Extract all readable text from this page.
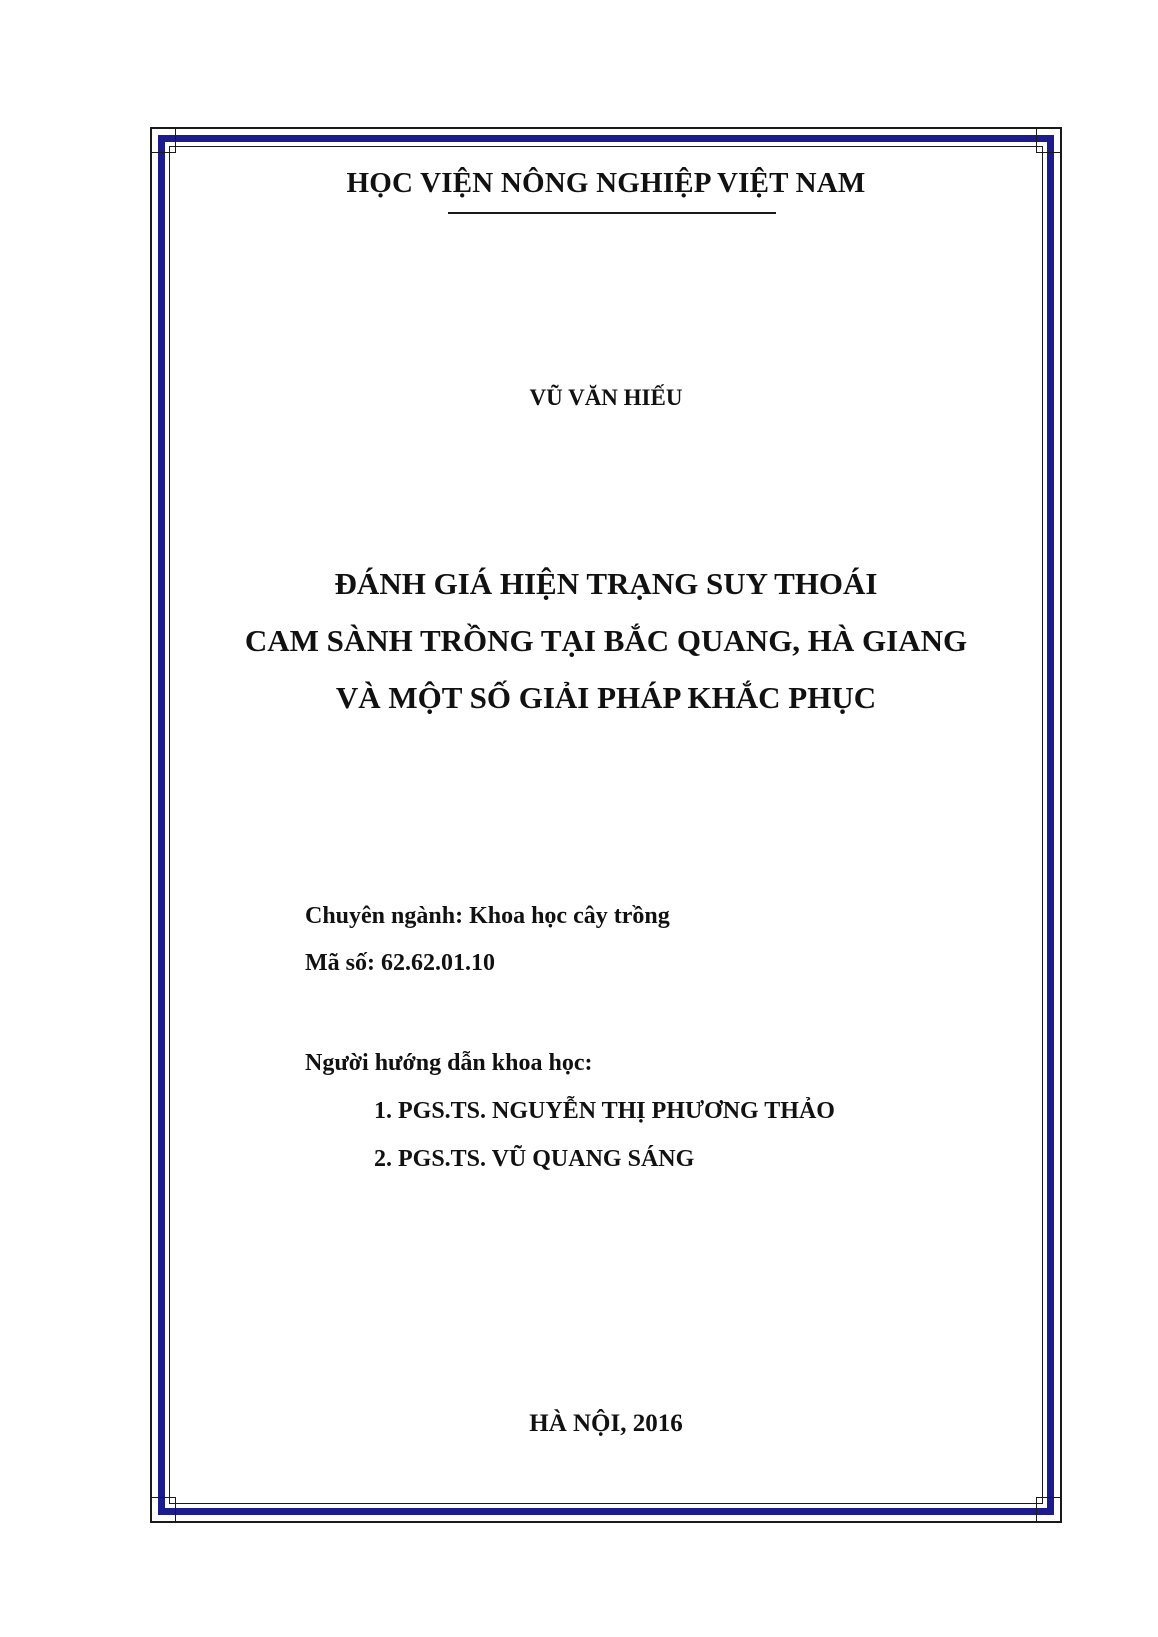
HỌC VIỆN NÔNG NGHIỆP VIỆT NAM
VŨ VĂN HIẾU
ĐÁNH GIÁ HIỆN TRẠNG SUY THOÁI
CAM SÀNH TRỒNG TẠI BẮC QUANG, HÀ GIANG
VÀ MỘT SỐ GIẢI PHÁP KHẮC PHỤC
Chuyên ngành: Khoa học cây trồng
Mã số: 62.62.01.10
Người hướng dẫn khoa học:
1. PGS.TS. NGUYỄN THỊ PHƯƠNG THẢO
2. PGS.TS. VŨ QUANG SÁNG
HÀ NỘI, 2016
